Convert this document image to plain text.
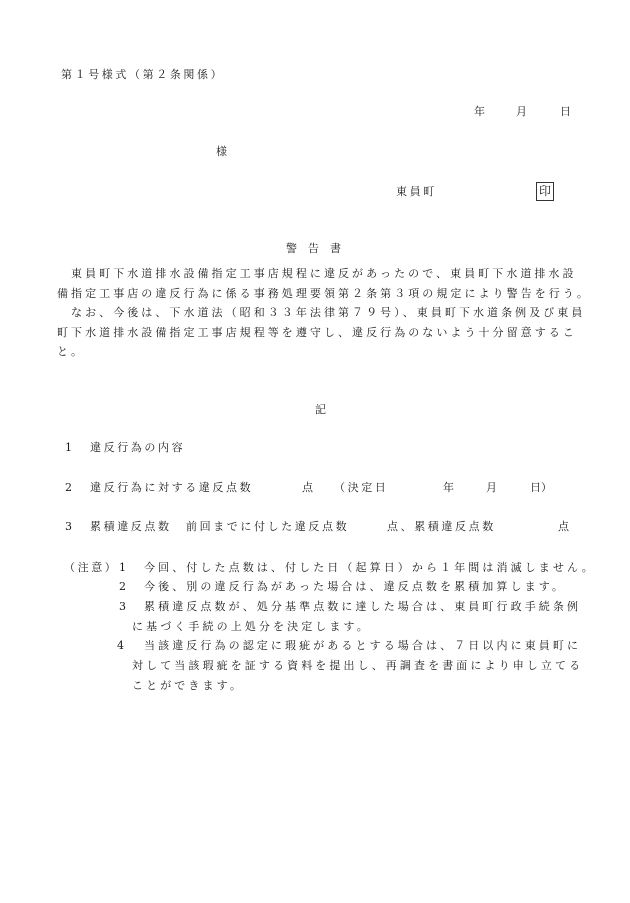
第１号様式（第２条関係）
年	月	日
様
東員町	印
警　告　書

　東員町下水道排水設備指定工事店規程に違反があったので、東員町下水道排水設

備指定工事店の違反行為に係る事務処理要領第２条第３項の規定により警告を行う。

　なお、今後は、下水道法（昭和３３年法律第７９号）、東員町下水道条例及び東員

町下水道排水設備指定工事店規程等を遵守し、違反行為のないよう十分留意するこ

と。

記
1 違反行為の内容
2 違反行為に対する違反点数	点 （決定日	年	月	日）
3 累積違反点数 前回までに付した違反点数	点、累積違反点数	点
（注意） 1 今回、付した点数は、付した日（起算日）から１年間は消滅しません。
2 今後、別の違反行為があった場合は、違反点数を累積加算します。
3 累積違反点数が、処分基準点数に達した場合は、東員町行政手続条例
に基づく手続の上処分を決定します。
4 当該違反行為の認定に瑕疵があるとする場合は、７日以内に東員町に
対して当該瑕疵を証する資料を提出し、再調査を書面により申し立てる
ことができます。
